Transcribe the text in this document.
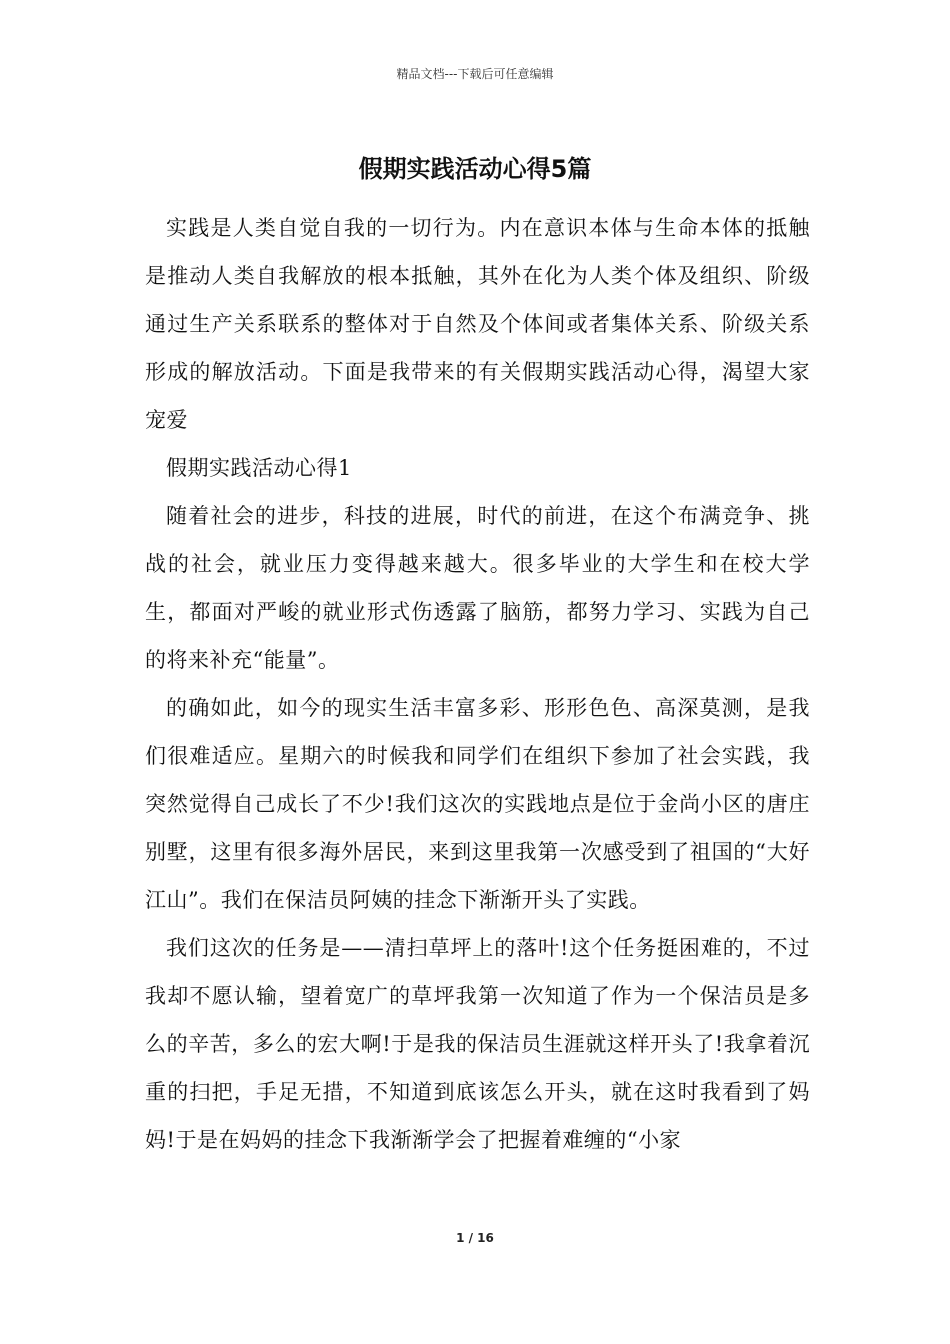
精品文档---下载后可任意编辑
假期实践活动心得5篇

实践是人类自觉自我的一切行为。内在意识本体与生命本体的抵触是推动人类自我解放的根本抵触，其外在化为人类个体及组织、阶级通过生产关系联系的整体对于自然及个体间或者集体关系、阶级关系形成的解放活动。下面是我带来的有关假期实践活动心得，渴望大家宠爱

假期实践活动心得1

随着社会的进步，科技的进展，时代的前进，在这个布满竞争、挑战的社会，就业压力变得越来越大。很多毕业的大学生和在校大学生，都面对严峻的就业形式伤透露了脑筋，都努力学习、实践为自己的将来补充“能量”。

的确如此，如今的现实生活丰富多彩、形形色色、高深莫测，是我们很难适应。星期六的时候我和同学们在组织下参加了社会实践，我突然觉得自己成长了不少!我们这次的实践地点是位于金尚小区的唐庄别墅，这里有很多海外居民，来到这里我第一次感受到了祖国的“大好江山”。我们在保洁员阿姨的挂念下渐渐开头了实践。

我们这次的任务是——清扫草坪上的落叶!这个任务挺困难的，不过我却不愿认输，望着宽广的草坪我第一次知道了作为一个保洁员是多么的辛苦，多么的宏大啊!于是我的保洁员生涯就这样开头了!我拿着沉重的扫把，手足无措，不知道到底该怎么开头，就在这时我看到了妈妈!于是在妈妈的挂念下我渐渐学会了把握着难缠的“小家

1 / 16
